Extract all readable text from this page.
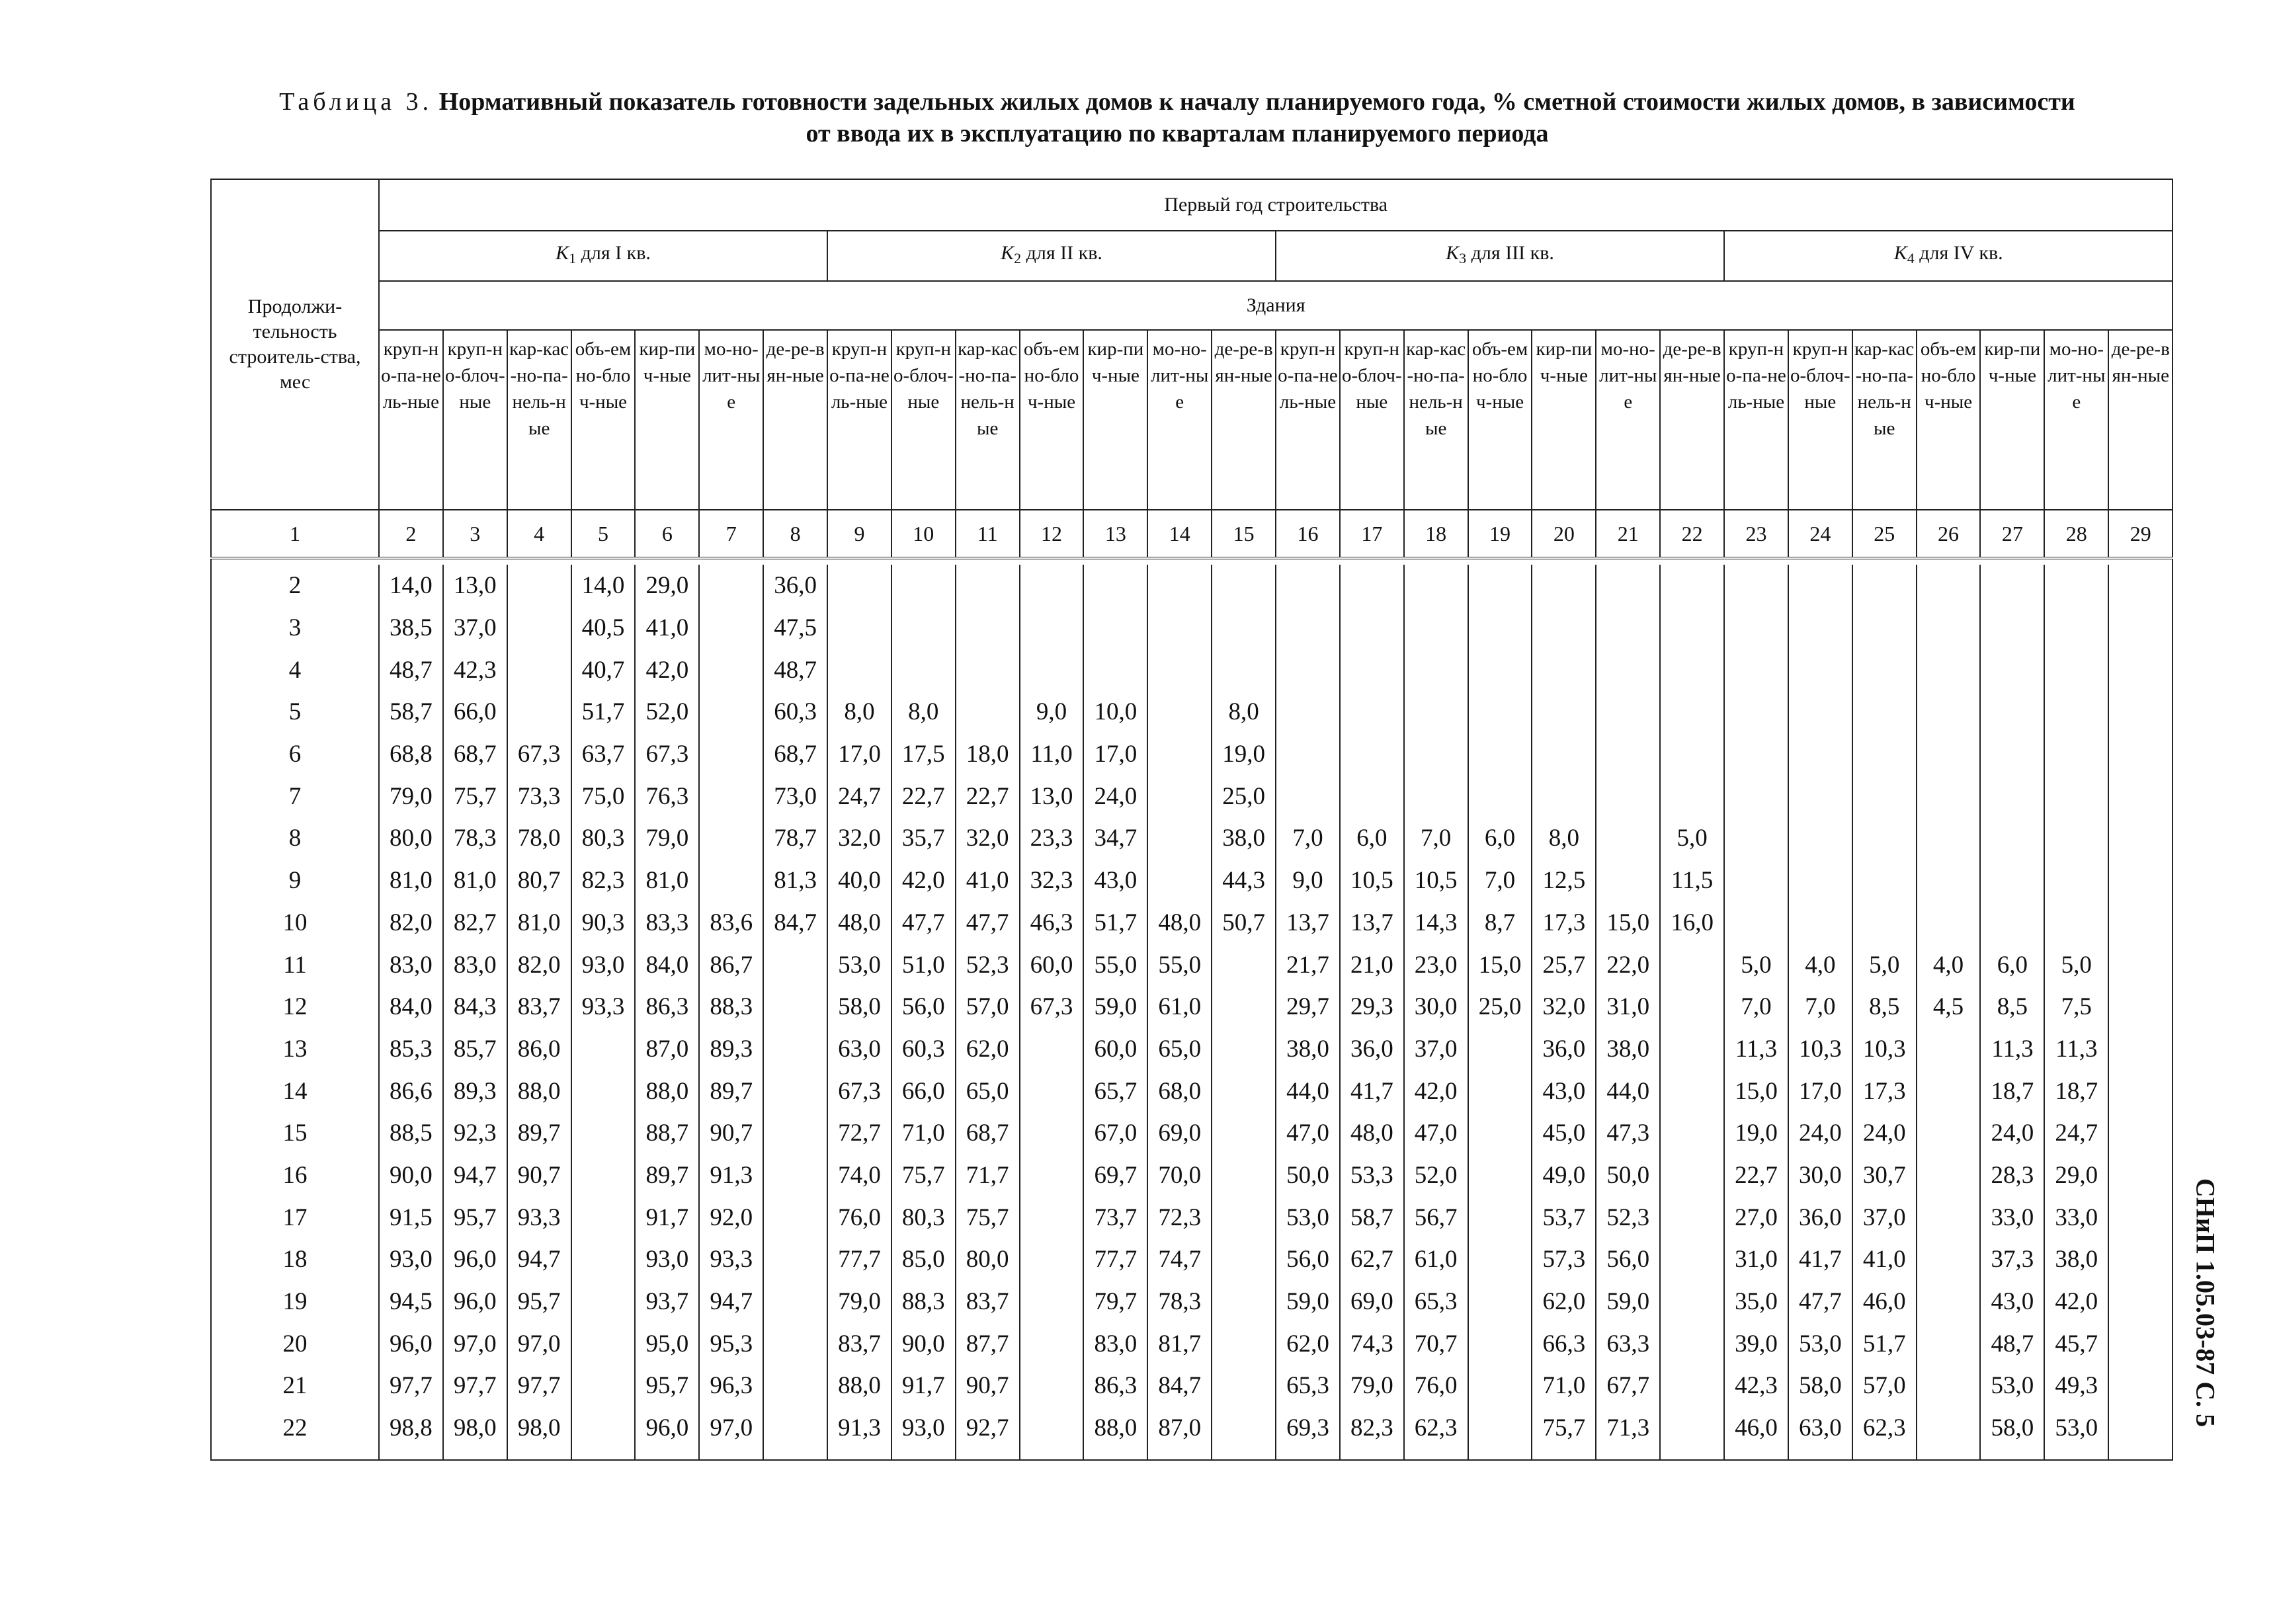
Таблица 3. Нормативный показатель готовности задельных жилых домов к началу планируемого года, % сметной стоимости жилых домов, в зависимости
от ввода их в эксплуатацию по кварталам планируемого периода
СНиП 1.05.03-87 С. 5
Продолжи-тельность строитель-ства, мес	Первый год строительства																											
	$K_1$ для I кв.							$K_2$ для II кв.							$K_3$ для III кв.							$K_4$ для IV кв.						
	Здания																											
	круп-но-па-нель-ные	круп-но-блоч-ные	кар-кас-но-па-нель-ные	объ-емно-блоч-ные	кир-пич-ные	мо-но-лит-ные	де-ре-вян-ные	круп-но-па-нель-ные	круп-но-блоч-ные	кар-кас-но-па-нель-ные	объ-емно-блоч-ные	кир-пич-ные	мо-но-лит-ные	де-ре-вян-ные	круп-но-па-нель-ные	круп-но-блоч-ные	кар-кас-но-па-нель-ные	объ-емно-блоч-ные	кир-пич-ные	мо-но-лит-ные	де-ре-вян-ные	круп-но-па-нель-ные	круп-но-блоч-ные	кар-кас-но-па-нель-ные	объ-емно-блоч-ные	кир-пич-ные	мо-но-лит-ные	де-ре-вян-ные
1	2	3	4	5	6	7	8	9	10	11	12	13	14	15	16	17	18	19	20	21	22	23	24	25	26	27	28	29

2	14,0	13,0		14,0	29,0		36,0																					
3	38,5	37,0		40,5	41,0		47,5																					
4	48,7	42,3		40,7	42,0		48,7																					
5	58,7	66,0		51,7	52,0		60,3	8,0	8,0		9,0	10,0		8,0														
6	68,8	68,7	67,3	63,7	67,3		68,7	17,0	17,5	18,0	11,0	17,0		19,0														
7	79,0	75,7	73,3	75,0	76,3		73,0	24,7	22,7	22,7	13,0	24,0		25,0														
8	80,0	78,3	78,0	80,3	79,0		78,7	32,0	35,7	32,0	23,3	34,7		38,0	7,0	6,0	7,0	6,0	8,0		5,0							
9	81,0	81,0	80,7	82,3	81,0		81,3	40,0	42,0	41,0	32,3	43,0		44,3	9,0	10,5	10,5	7,0	12,5		11,5							
10	82,0	82,7	81,0	90,3	83,3	83,6	84,7	48,0	47,7	47,7	46,3	51,7	48,0	50,7	13,7	13,7	14,3	8,7	17,3	15,0	16,0							
11	83,0	83,0	82,0	93,0	84,0	86,7		53,0	51,0	52,3	60,0	55,0	55,0		21,7	21,0	23,0	15,0	25,7	22,0		5,0	4,0	5,0	4,0	6,0	5,0	
12	84,0	84,3	83,7	93,3	86,3	88,3		58,0	56,0	57,0	67,3	59,0	61,0		29,7	29,3	30,0	25,0	32,0	31,0		7,0	7,0	8,5	4,5	8,5	7,5	
13	85,3	85,7	86,0		87,0	89,3		63,0	60,3	62,0		60,0	65,0		38,0	36,0	37,0		36,0	38,0		11,3	10,3	10,3		11,3	11,3	
14	86,6	89,3	88,0		88,0	89,7		67,3	66,0	65,0		65,7	68,0		44,0	41,7	42,0		43,0	44,0		15,0	17,0	17,3		18,7	18,7	
15	88,5	92,3	89,7		88,7	90,7		72,7	71,0	68,7		67,0	69,0		47,0	48,0	47,0		45,0	47,3		19,0	24,0	24,0		24,0	24,7	
16	90,0	94,7	90,7		89,7	91,3		74,0	75,7	71,7		69,7	70,0		50,0	53,3	52,0		49,0	50,0		22,7	30,0	30,7		28,3	29,0	
17	91,5	95,7	93,3		91,7	92,0		76,0	80,3	75,7		73,7	72,3		53,0	58,7	56,7		53,7	52,3		27,0	36,0	37,0		33,0	33,0	
18	93,0	96,0	94,7		93,0	93,3		77,7	85,0	80,0		77,7	74,7		56,0	62,7	61,0		57,3	56,0		31,0	41,7	41,0		37,3	38,0	
19	94,5	96,0	95,7		93,7	94,7		79,0	88,3	83,7		79,7	78,3		59,0	69,0	65,3		62,0	59,0		35,0	47,7	46,0		43,0	42,0	
20	96,0	97,0	97,0		95,0	95,3		83,7	90,0	87,7		83,0	81,7		62,0	74,3	70,7		66,3	63,3		39,0	53,0	51,7		48,7	45,7	
21	97,7	97,7	97,7		95,7	96,3		88,0	91,7	90,7		86,3	84,7		65,3	79,0	76,0		71,0	67,7		42,3	58,0	57,0		53,0	49,3	
22	98,8	98,0	98,0		96,0	97,0		91,3	93,0	92,7		88,0	87,0		69,3	82,3	62,3		75,7	71,3		46,0	63,0	62,3		58,0	53,0	
